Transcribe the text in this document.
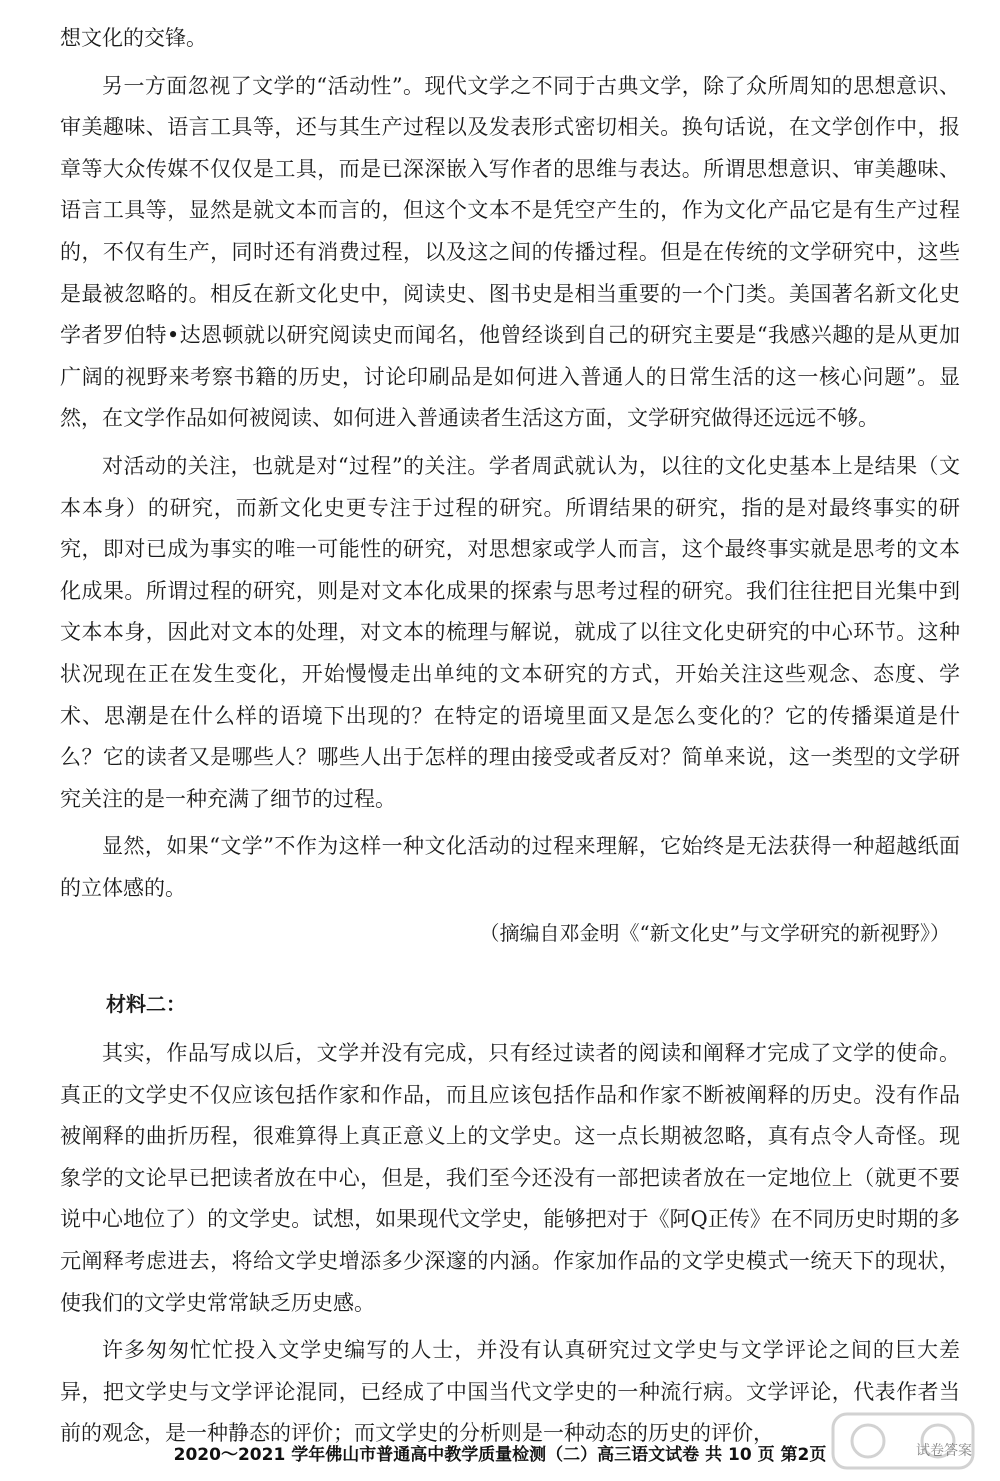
想文化的交锋。

另一方面忽视了文学的“活动性”。现代文学之不同于古典文学，除了众所周知的思想意识、审美趣味、语言工具等，还与其生产过程以及发表形式密切相关。换句话说，在文学创作中，报章等大众传媒不仅仅是工具，而是已深深嵌入写作者的思维与表达。所谓思想意识、审美趣味、语言工具等，显然是就文本而言的，但这个文本不是凭空产生的，作为文化产品它是有生产过程的，不仅有生产，同时还有消费过程，以及这之间的传播过程。但是在传统的文学研究中，这些是最被忽略的。相反在新文化史中，阅读史、图书史是相当重要的一个门类。美国著名新文化史学者罗伯特•达恩顿就以研究阅读史而闻名，他曾经谈到自己的研究主要是“我感兴趣的是从更加广阔的视野来考察书籍的历史，讨论印刷品是如何进入普通人的日常生活的这一核心问题”。显然，在文学作品如何被阅读、如何进入普通读者生活这方面，文学研究做得还远远不够。

对活动的关注，也就是对“过程”的关注。学者周武就认为，以往的文化史基本上是结果（文本本身）的研究，而新文化史更专注于过程的研究。所谓结果的研究，指的是对最终事实的研究，即对已成为事实的唯一可能性的研究，对思想家或学人而言，这个最终事实就是思考的文本化成果。所谓过程的研究，则是对文本化成果的探索与思考过程的研究。我们往往把目光集中到文本本身，因此对文本的处理，对文本的梳理与解说，就成了以往文化史研究的中心环节。这种状况现在正在发生变化，开始慢慢走出单纯的文本研究的方式，开始关注这些观念、态度、学术、思潮是在什么样的语境下出现的？在特定的语境里面又是怎么变化的？它的传播渠道是什么？它的读者又是哪些人？哪些人出于怎样的理由接受或者反对？简单来说，这一类型的文学研究关注的是一种充满了细节的过程。

显然，如果“文学”不作为这样一种文化活动的过程来理解，它始终是无法获得一种超越纸面的立体感的。

（摘编自邓金明《“新文化史”与文学研究的新视野》）

材料二：

其实，作品写成以后，文学并没有完成，只有经过读者的阅读和阐释才完成了文学的使命。真正的文学史不仅应该包括作家和作品，而且应该包括作品和作家不断被阐释的历史。没有作品被阐释的曲折历程，很难算得上真正意义上的文学史。这一点长期被忽略，真有点令人奇怪。现象学的文论早已把读者放在中心，但是，我们至今还没有一部把读者放在一定地位上（就更不要说中心地位了）的文学史。试想，如果现代文学史，能够把对于《阿Q正传》在不同历史时期的多元阐释考虑进去，将给文学史增添多少深邃的内涵。作家加作品的文学史模式一统天下的现状，使我们的文学史常常缺乏历史感。

许多匆匆忙忙投入文学史编写的人士，并没有认真研究过文学史与文学评论之间的巨大差异，把文学史与文学评论混同，已经成了中国当代文学史的一种流行病。文学评论，代表作者当前的观念，是一种静态的评价；而文学史的分析则是一种动态的历史的评价，

试卷答案
2020～2021 学年佛山市普通高中教学质量检测（二）高三语文试卷 共 10 页 第2页
